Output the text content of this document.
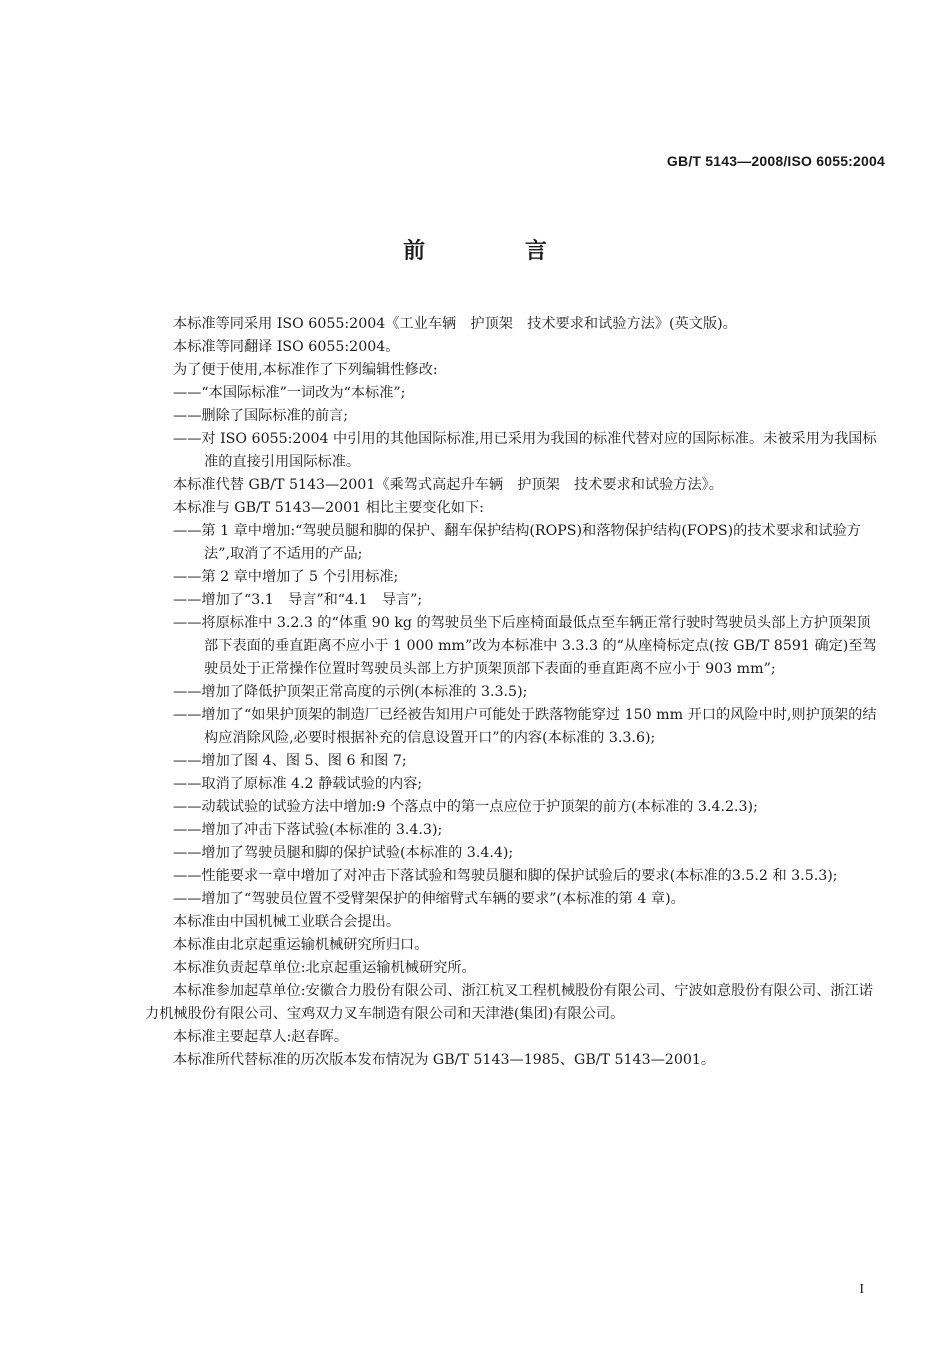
GB/T 5143—2008/ISO 6055:2004
前 言

本标准等同采用 ISO 6055:2004《工业车辆　护顶架　技术要求和试验方法》(英文版)。

本标准等同翻译 ISO 6055:2004。

为了便于使用,本标准作了下列编辑性修改:

——“本国际标准”一词改为“本标准”;

——删除了国际标准的前言;

——对 ISO 6055:2004 中引用的其他国际标准,用已采用为我国的标准代替对应的国际标准。未被采用为我国标准的直接引用国际标准。

本标准代替 GB/T 5143—2001《乘驾式高起升车辆　护顶架　技术要求和试验方法》。

本标准与 GB/T 5143—2001 相比主要变化如下:

——第 1 章中增加:“驾驶员腿和脚的保护、翻车保护结构(ROPS)和落物保护结构(FOPS)的技术要求和试验方法”,取消了不适用的产品;

——第 2 章中增加了 5 个引用标准;

——增加了“3.1　导言”和“4.1　导言”;

——将原标准中 3.2.3 的“体重 90 kg 的驾驶员坐下后座椅面最低点至车辆正常行驶时驾驶员头部上方护顶架顶部下表面的垂直距离不应小于 1 000 mm”改为本标准中 3.3.3 的“从座椅标定点(按 GB/T 8591 确定)至驾驶员处于正常操作位置时驾驶员头部上方护顶架顶部下表面的垂直距离不应小于 903 mm”;

——增加了降低护顶架正常高度的示例(本标准的 3.3.5);

——增加了“如果护顶架的制造厂已经被告知用户可能处于跌落物能穿过 150 mm 开口的风险中时,则护顶架的结构应消除风险,必要时根据补充的信息设置开口”的内容(本标准的 3.3.6);

——增加了图 4、图 5、图 6 和图 7;

——取消了原标准 4.2 静载试验的内容;

——动载试验的试验方法中增加:9 个落点中的第一点应位于护顶架的前方(本标准的 3.4.2.3);

——增加了冲击下落试验(本标准的 3.4.3);

——增加了驾驶员腿和脚的保护试验(本标准的 3.4.4);

——性能要求一章中增加了对冲击下落试验和驾驶员腿和脚的保护试验后的要求(本标准的3.5.2 和 3.5.3);

——增加了“驾驶员位置不受臂架保护的伸缩臂式车辆的要求”(本标准的第 4 章)。

本标准由中国机械工业联合会提出。

本标准由北京起重运输机械研究所归口。

本标准负责起草单位:北京起重运输机械研究所。

本标准参加起草单位:安徽合力股份有限公司、浙江杭叉工程机械股份有限公司、宁波如意股份有限公司、浙江诺力机械股份有限公司、宝鸡双力叉车制造有限公司和天津港(集团)有限公司。

本标准主要起草人:赵春晖。

本标准所代替标准的历次版本发布情况为 GB/T 5143—1985、GB/T 5143—2001。

I
